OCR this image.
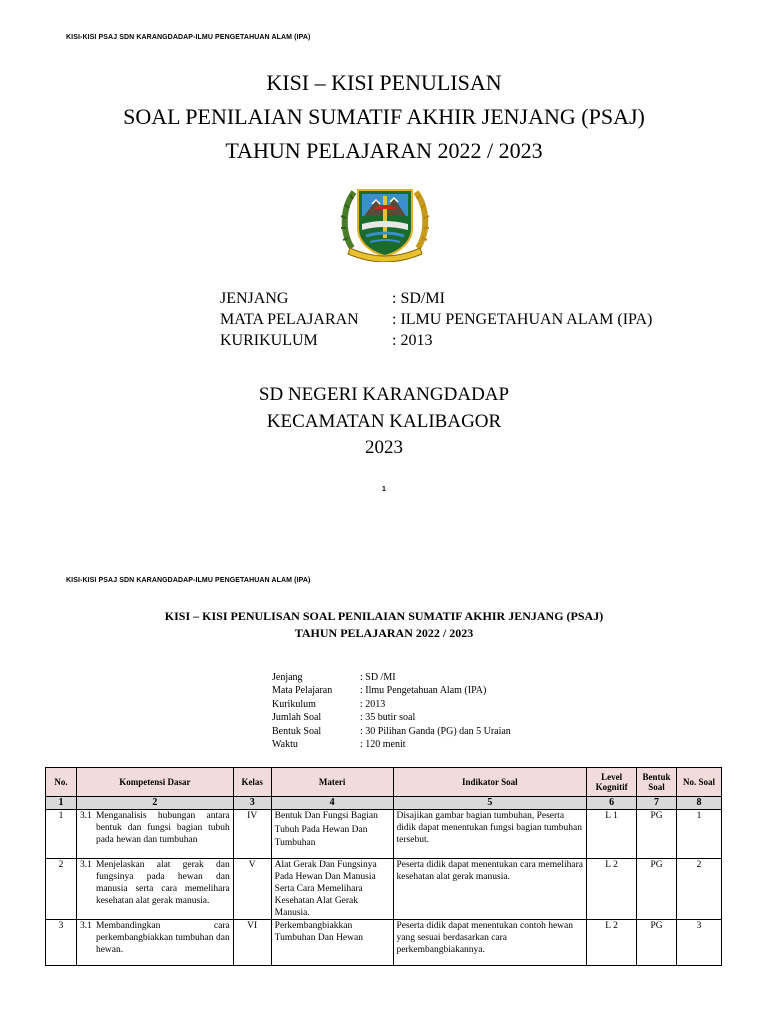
KISI-KISI PSAJ SDN KARANGDADAP-ILMU PENGETAHUAN ALAM (IPA)
KISI – KISI PENULISAN
SOAL PENILAIAN SUMATIF AKHIR JENJANG (PSAJ)
TAHUN PELAJARAN 2022 / 2023
JENJANG	: SD/MI
MATA PELAJARAN	: ILMU PENGETAHUAN ALAM (IPA)
KURIKULUM	: 2013
SD NEGERI KARANGDADAP
KECAMATAN KALIBAGOR
2023
1
KISI-KISI PSAJ SDN KARANGDADAP-ILMU PENGETAHUAN ALAM (IPA)
KISI – KISI PENULISAN SOAL PENILAIAN SUMATIF AKHIR JENJANG (PSAJ)
TAHUN PELAJARAN 2022 / 2023
Jenjang	: SD /MI
Mata Pelajaran	: Ilmu Pengetahuan Alam (IPA)
Kurikulum	: 2013
Jumlah Soal	: 35 butir soal
Bentuk Soal	: 30 Pilihan Ganda (PG) dan 5 Uraian
Waktu	: 120 menit
No.	Kompetensi Dasar	Kelas	Materi	Indikator Soal	Level Kognitif	Bentuk Soal	No. Soal
1	2	3	4	5	6	7	8
1	3.1 Menganalisis hubungan antara bentuk dan fungsi bagian tubuh pada hewan dan tumbuhan	IV	Bentuk Dan Fungsi Bagian Tubuh Pada Hewan Dan Tumbuhan	Disajikan gambar bagian tumbuhan, Peserta didik dapat menentukan fungsi bagian tumbuhan tersebut.	L 1	PG	1
2	3.1 Menjelaskan alat gerak dan fungsinya pada hewan dan manusia serta cara memelihara kesehatan alat gerak manusia.	V	Alat Gerak Dan Fungsinya Pada Hewan Dan Manusia Serta Cara Memelihara Kesehatan Alat Gerak Manusia.	Peserta didik dapat menentukan cara memelihara kesehatan alat gerak manusia.	L 2	PG	2
3	3.1 Membandingkan cara perkembangbiakkan tumbuhan dan hewan.	VI	Perkembangbiakkan Tumbuhan Dan Hewan	Peserta didik dapat menentukan contoh hewan yang sesuai berdasarkan cara perkembangbiakannya.	L 2	PG	3
